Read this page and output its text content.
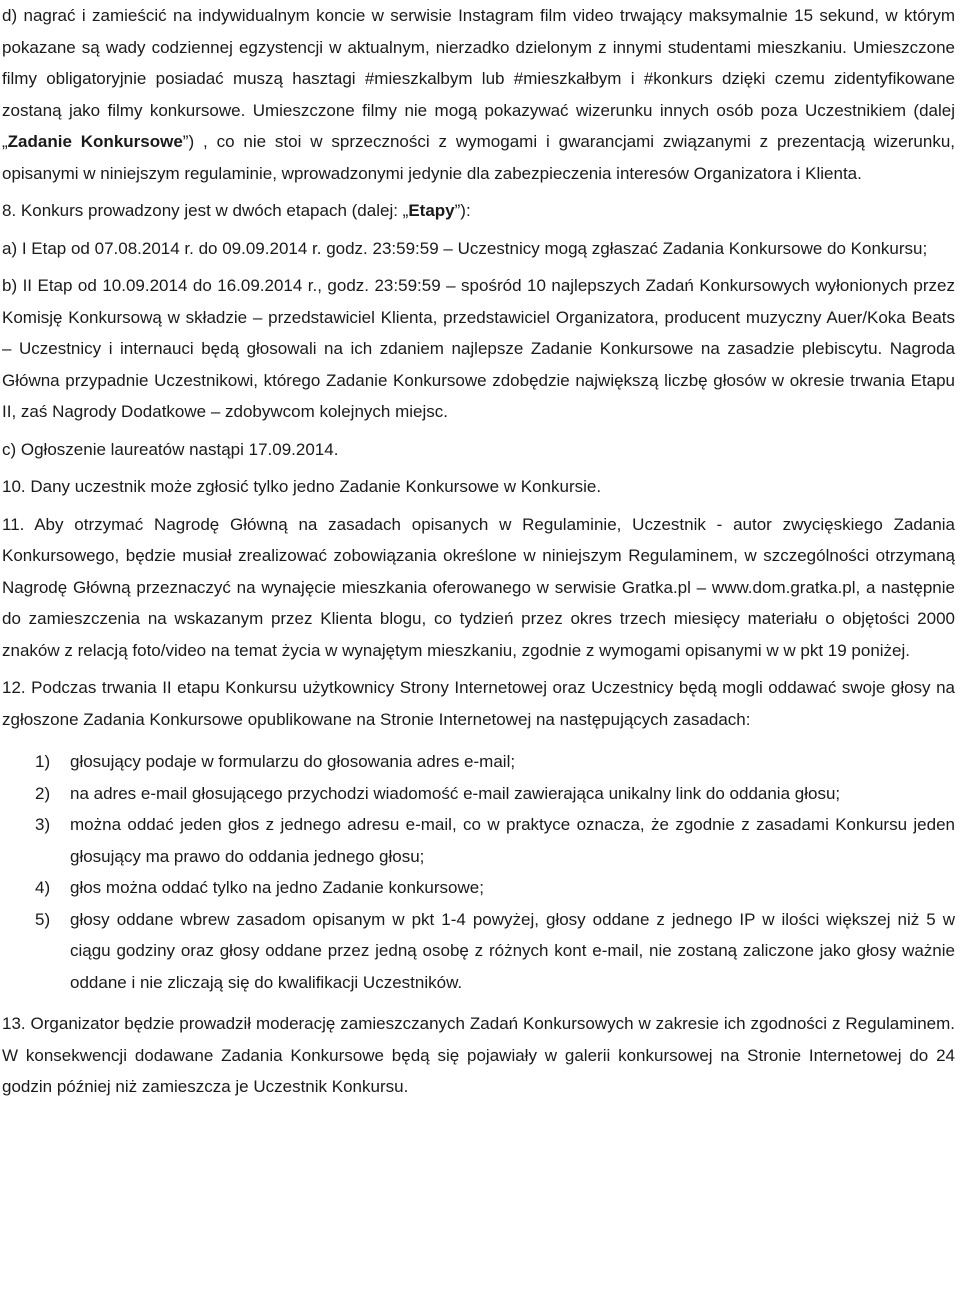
d) nagrać i zamieścić na indywidualnym koncie w serwisie Instagram film video trwający maksymalnie 15 sekund, w którym pokazane są wady codziennej egzystencji w aktualnym, nierzadko dzielonym z innymi studentami mieszkaniu. Umieszczone filmy obligatoryjnie posiadać muszą hasztagi #mieszkalbym lub #mieszkałbym i #konkurs dzięki czemu zidentyfikowane zostaną jako filmy konkursowe. Umieszczone filmy nie mogą pokazywać wizerunku innych osób poza Uczestnikiem (dalej „Zadanie Konkursowe”) , co nie stoi w sprzeczności z wymogami i gwarancjami związanymi z prezentacją wizerunku, opisanymi w niniejszym regulaminie, wprowadzonymi jedynie dla zabezpieczenia interesów Organizatora i Klienta.

8. Konkurs prowadzony jest w dwóch etapach (dalej: „Etapy”):

a) I Etap od 07.08.2014 r. do 09.09.2014 r. godz. 23:59:59 – Uczestnicy mogą zgłaszać Zadania Konkursowe do Konkursu;

b) II Etap od 10.09.2014 do 16.09.2014 r., godz. 23:59:59 – spośród 10 najlepszych Zadań Konkursowych wyłonionych przez Komisję Konkursową w składzie – przedstawiciel Klienta, przedstawiciel Organizatora, producent muzyczny Auer/Koka Beats – Uczestnicy i internauci będą głosowali na ich zdaniem najlepsze Zadanie Konkursowe na zasadzie plebiscytu. Nagroda Główna przypadnie Uczestnikowi, którego Zadanie Konkursowe zdobędzie największą liczbę głosów w okresie trwania Etapu II, zaś Nagrody Dodatkowe – zdobywcom kolejnych miejsc.

c) Ogłoszenie laureatów nastąpi 17.09.2014.

10. Dany uczestnik może zgłosić tylko jedno Zadanie Konkursowe w Konkursie.

11. Aby otrzymać Nagrodę Główną na zasadach opisanych w Regulaminie, Uczestnik - autor zwycięskiego Zadania Konkursowego, będzie musiał zrealizować zobowiązania określone w niniejszym Regulaminem, w szczególności otrzymaną Nagrodę Główną przeznaczyć na wynajęcie mieszkania oferowanego w serwisie Gratka.pl – www.dom.gratka.pl, a następnie do zamieszczenia na wskazanym przez Klienta blogu, co tydzień przez okres trzech miesięcy materiału o objętości 2000 znaków z relacją foto/video na temat życia w wynajętym mieszkaniu, zgodnie z wymogami opisanymi w w pkt 19 poniżej.

12. Podczas trwania II etapu Konkursu użytkownicy Strony Internetowej oraz Uczestnicy będą mogli oddawać swoje głosy na zgłoszone Zadania Konkursowe opublikowane na Stronie Internetowej na następujących zasadach:

1) głosujący podaje w formularzu do głosowania adres e-mail;
2) na adres e-mail głosującego przychodzi wiadomość e-mail zawierająca unikalny link do oddania głosu;
3) można oddać jeden głos z jednego adresu e-mail, co w praktyce oznacza, że zgodnie z zasadami Konkursu jeden głosujący ma prawo do oddania jednego głosu;
4) głos można oddać tylko na jedno Zadanie konkursowe;
5) głosy oddane wbrew zasadom opisanym w pkt 1-4 powyżej, głosy oddane z jednego IP w ilości większej niż 5 w ciągu godziny oraz głosy oddane przez jedną osobę z różnych kont e-mail, nie zostaną zaliczone jako głosy ważnie oddane i nie zliczają się do kwalifikacji Uczestników.

13. Organizator będzie prowadził moderację zamieszczanych Zadań Konkursowych w zakresie ich zgodności z Regulaminem. W konsekwencji dodawane Zadania Konkursowe będą się pojawiały w galerii konkursowej na Stronie Internetowej do 24 godzin później niż zamieszcza je Uczestnik Konkursu.
